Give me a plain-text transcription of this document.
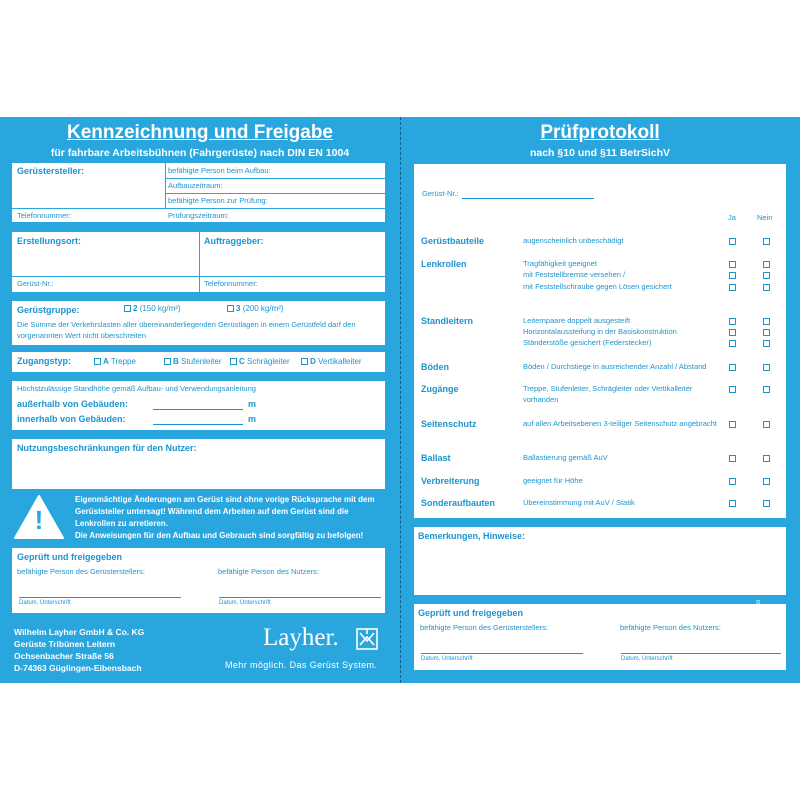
Kennzeichnung und Freigabe
für fahrbare Arbeitsbühnen (Fahrgerüste) nach DIN EN 1004
Gerüstersteller:	befähigte Person beim Aufbau:
Aufbauzeitraum:
befähigte Person zur Prüfung:
Telefonnummer:	Prüfungszeitraum:
Erstellungsort:	Auftraggeber:
Gerüst-Nr.:	Telefonnummer:
Gerüstgruppe:	2 (150 kg/m²)	3 (200 kg/m²)
Die Summe der Verkehrslasten aller übereinanderliegenden Gerüstlagen in einem Gerüstfeld darf den
vorgenannten Wert nicht überschreiten
Zugangstyp:	A Treppe	B Stufenleiter C Schrägleiter	D Vertikalleiter
Höchstzulässige Standhöhe gemäß Aufbau- und Verwendungsanleitung
außerhalb von Gebäuden:	m
innerhalb von Gebäuden:	m
Nutzungsbeschränkungen für den Nutzer:
!
Eigenmächtige Änderungen am Gerüst sind ohne vorige Rücksprache mit dem
Gerüststeller untersagt! Während dem Arbeiten auf dem Gerüst sind die
Lenkrollen zu arretieren.
Die Anweisungen für den Aufbau und Gebrauch sind sorgfältig zu befolgen!
Geprüft und freigegeben
befähigte Person des Gerüsterstellers:	befähigte Person des Nutzers:
Datum, Unterschrift	Datum, Unterschrift
Wilhelm Layher GmbH & Co. KG
Gerüste Tribünen Leitern
Ochsenbacher Straße 56
D-74363 Güglingen-Eibensbach
Layher.
Mehr möglich. Das Gerüst System.
Prüfprotokoll
nach §10 und §11 BetrSichV
Gerüst-Nr.:
Ja	Nein
Gerüstbauteile	augenscheinlich unbeschädigt
Lenkrollen	Tragfähigkeit geeignet
mit Feststellbremse versehen /
mit Feststellschraube gegen Lösen gesichert
Standleitern	Leiternpaare doppelt ausgesteift
Horizontalaussteifung in der Basiskonstruktion
Ständerstöße gesichert (Federstecker)
Böden	Böden / Durchstiege in ausreichender Anzahl / Abstand
Zugänge	Treppe, Stufenleiter, Schrägleiter oder Vertikalleiter
vorhanden
Seitenschutz	auf allen Arbeitsebenen 3-teiliger Seitenschutz angebracht
Ballast	Ballastierung gemäß AuV
Verbreiterung	geeignet für Höhe
Sonderaufbauten	Übereinstimmung mit AuV / Statik
Bemerkungen, Hinweise:
Geprüft und freigegeben
befähigte Person des Gerüsterstellers:	befähigte Person des Nutzers:
Datum, Unterschrift	Datum, Unterschrift
5344.456 06/2010
